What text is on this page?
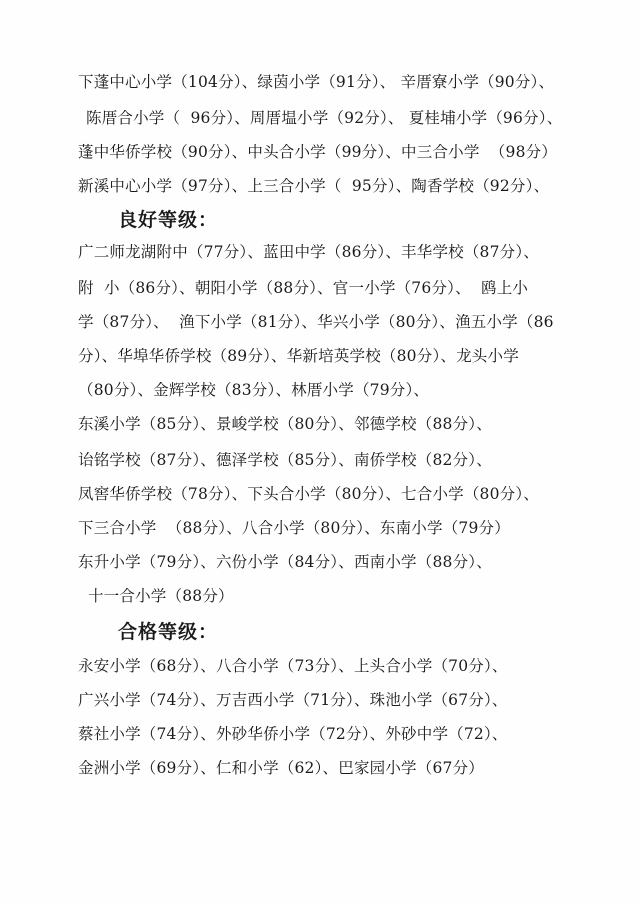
下蓬中心小学（104分）、绿茵小学（91分）、 辛厝寮小学（90分）、
陈厝合小学（  96分）、周厝塭小学（92分）、 夏桂埔小学（96分）、
蓬中华侨学校（90分）、中头合小学（99分）、中三合小学  （98分）
新溪中心小学（97分）、上三合小学（  95分）、陶香学校（92分）、
良好等级：
广二师龙湖附中（77分）、蓝田中学（86分）、丰华学校（87分）、
附  小（86分）、朝阳小学（88分）、官一小学（76分）、  鸥上小
学（87分）、  渔下小学（81分）、华兴小学（80分）、渔五小学（86
分）、华埠华侨学校（89分）、华新培英学校（80分）、龙头小学
（80分）、金辉学校（83分）、林厝小学（79分）、
东溪小学（85分）、景峻学校（80分）、邻德学校（88分）、
诒铭学校（87分）、德泽学校（85分）、南侨学校（82分）、
凤窖华侨学校（78分）、下头合小学（80分）、七合小学（80分）、
下三合小学  （88分）、八合小学（80分）、东南小学（79分）
东升小学（79分）、六份小学（84分）、西南小学（88分）、
十一合小学（88分）
合格等级：
永安小学（68分）、八合小学（73分）、上头合小学（70分）、
广兴小学（74分）、万吉西小学（71分）、珠池小学（67分）、
蔡社小学（74分）、外砂华侨小学（72分）、外砂中学（72）、
金洲小学（69分）、仁和小学（62）、巴家园小学（67分）
